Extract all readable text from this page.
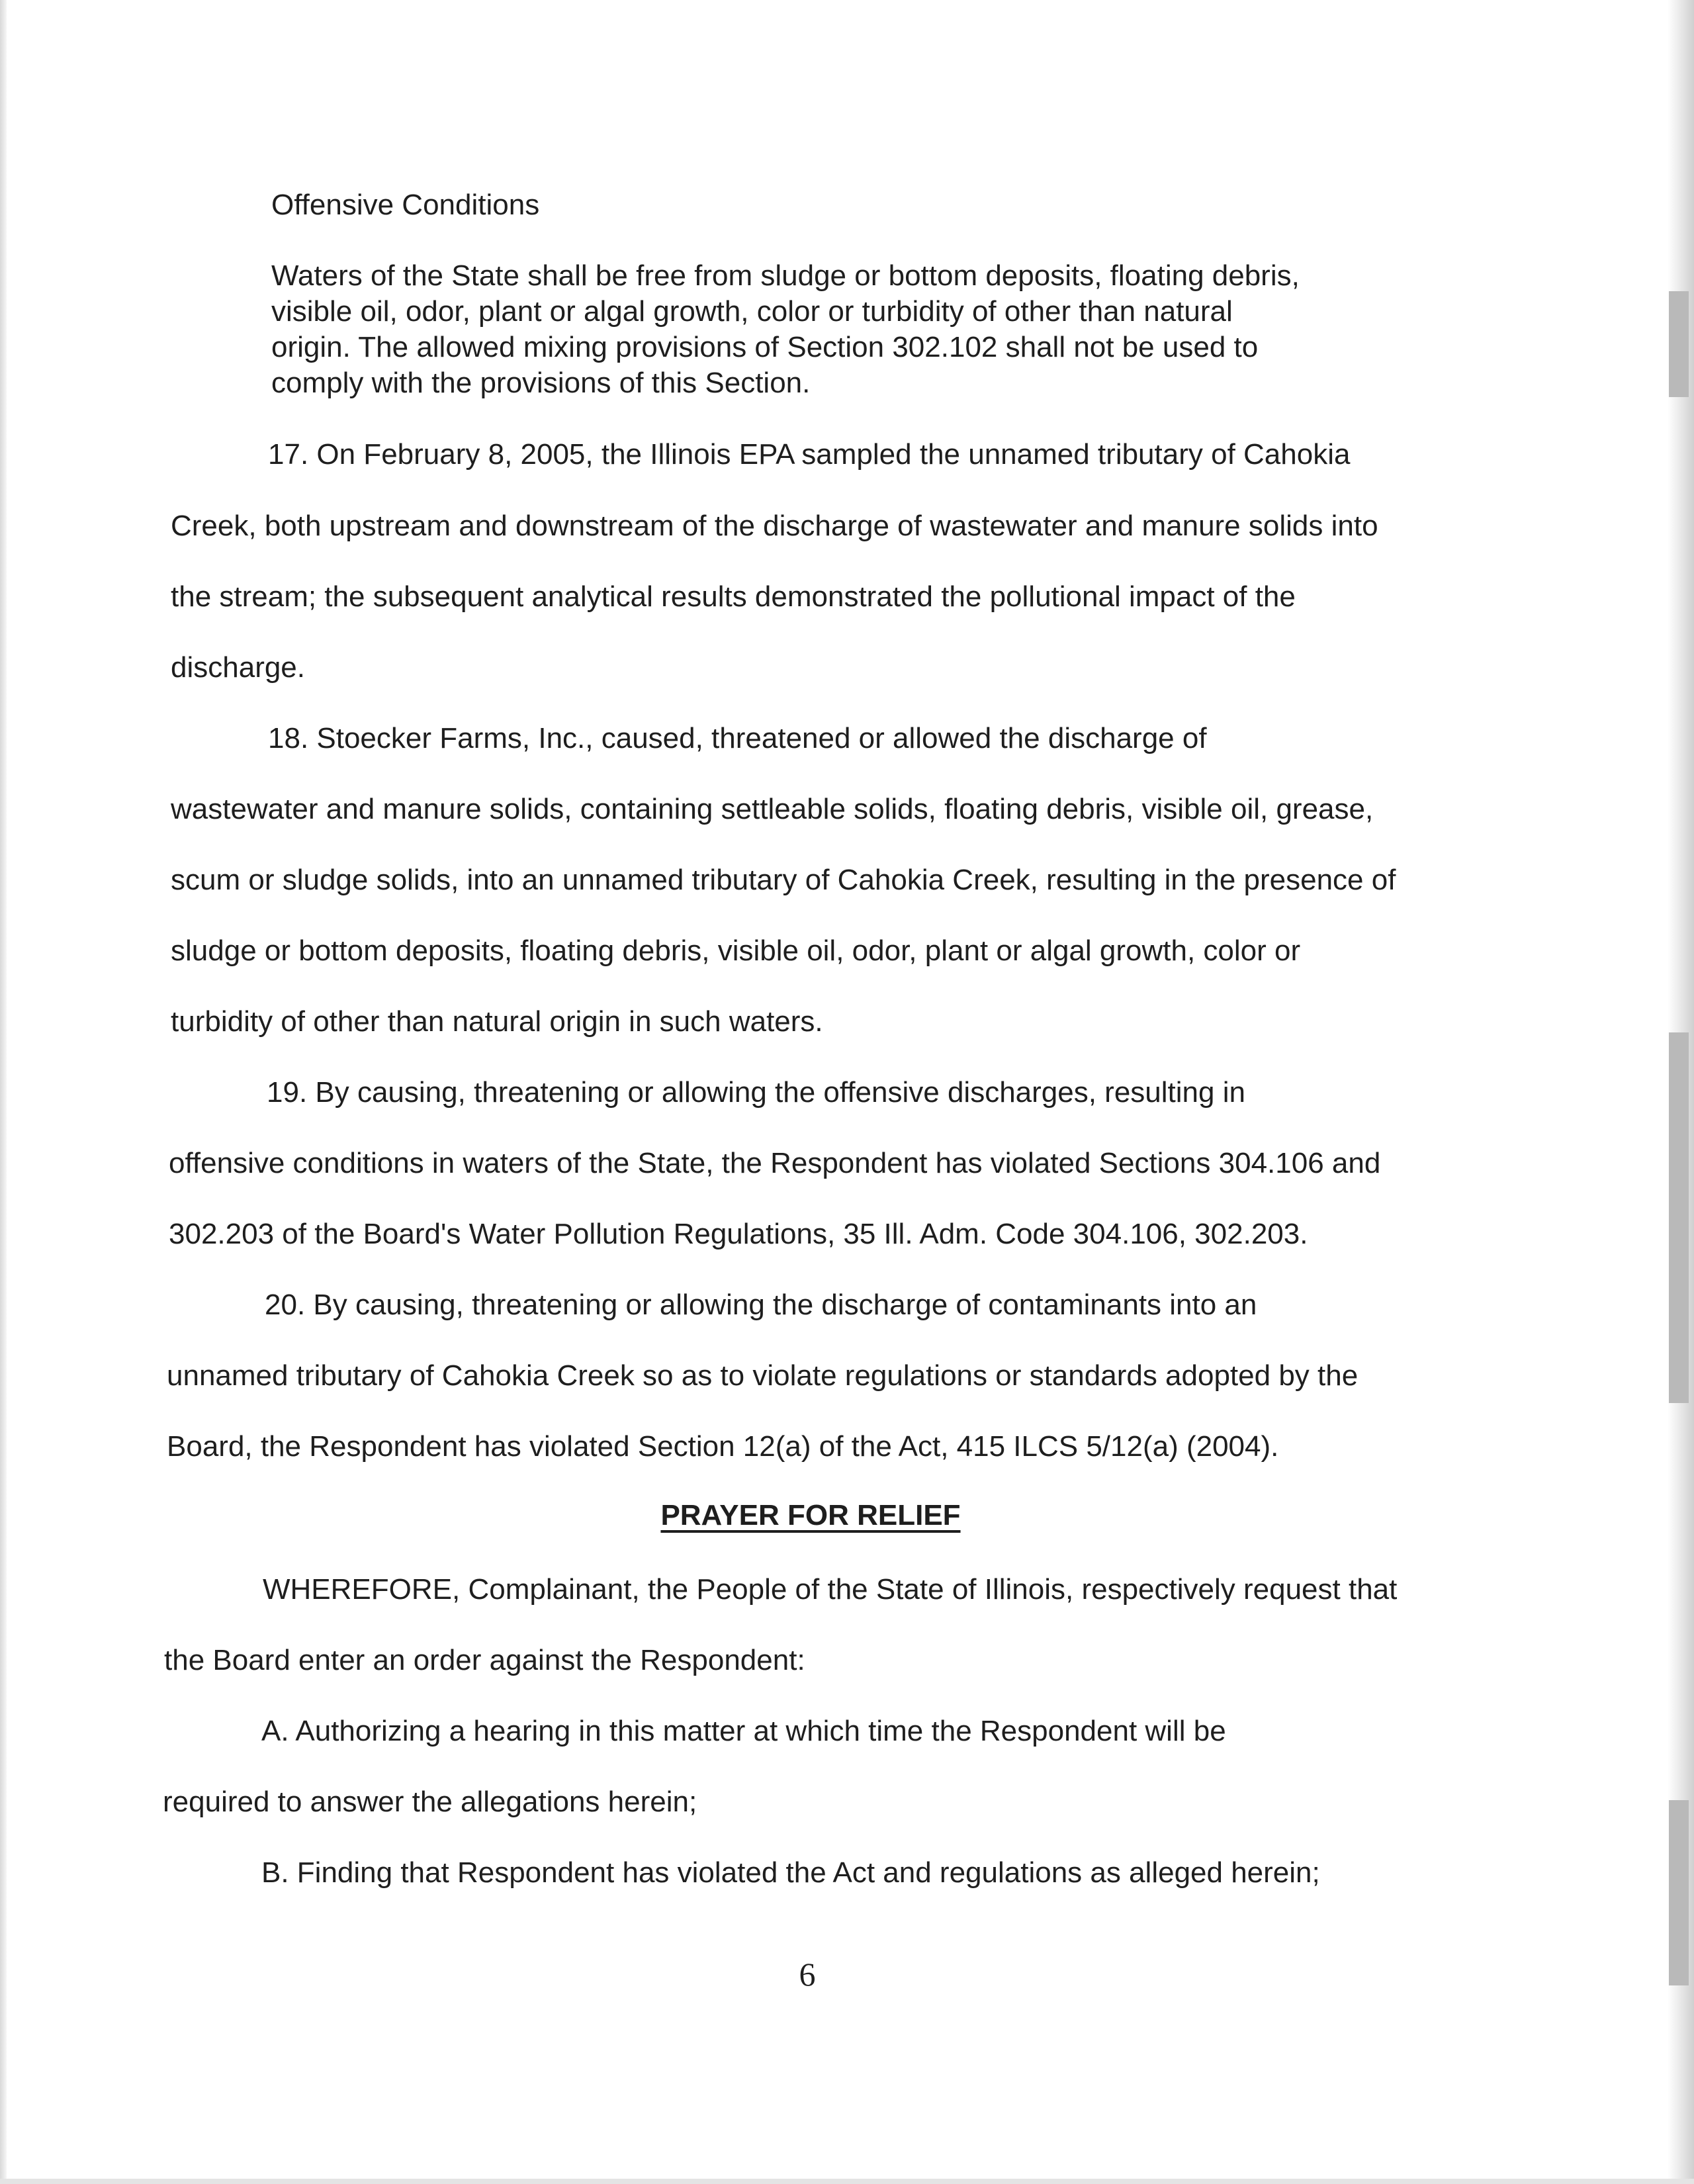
Offensive Conditions

Waters of the State shall be free from sludge or bottom deposits, floating debris,

visible oil, odor, plant or algal growth, color or turbidity of other than natural

origin. The allowed mixing provisions of Section 302.102 shall not be used to

comply with the provisions of this Section.

17. On February 8, 2005, the Illinois EPA sampled the unnamed tributary of Cahokia

Creek, both upstream and downstream of the discharge of wastewater and manure solids into

the stream; the subsequent analytical results demonstrated the pollutional impact of the

discharge.

18. Stoecker Farms, Inc., caused, threatened or allowed the discharge of

wastewater and manure solids, containing settleable solids, floating debris, visible oil, grease,

scum or sludge solids, into an unnamed tributary of Cahokia Creek, resulting in the presence of

sludge or bottom deposits, floating debris, visible oil, odor, plant or algal growth, color or

turbidity of other than natural origin in such waters.

19. By causing, threatening or allowing the offensive discharges, resulting in

offensive conditions in waters of the State, the Respondent has violated Sections 304.106 and

302.203 of the Board's Water Pollution Regulations, 35 Ill. Adm. Code 304.106, 302.203.

20. By causing, threatening or allowing the discharge of contaminants into an

unnamed tributary of Cahokia Creek so as to violate regulations or standards adopted by the

Board, the Respondent has violated Section 12(a) of the Act, 415 ILCS 5/12(a) (2004).

PRAYER FOR RELIEF

WHEREFORE, Complainant, the People of the State of Illinois, respectively request that

the Board enter an order against the Respondent:

A. Authorizing a hearing in this matter at which time the Respondent will be

required to answer the allegations herein;

B. Finding that Respondent has violated the Act and regulations as alleged herein;

6
